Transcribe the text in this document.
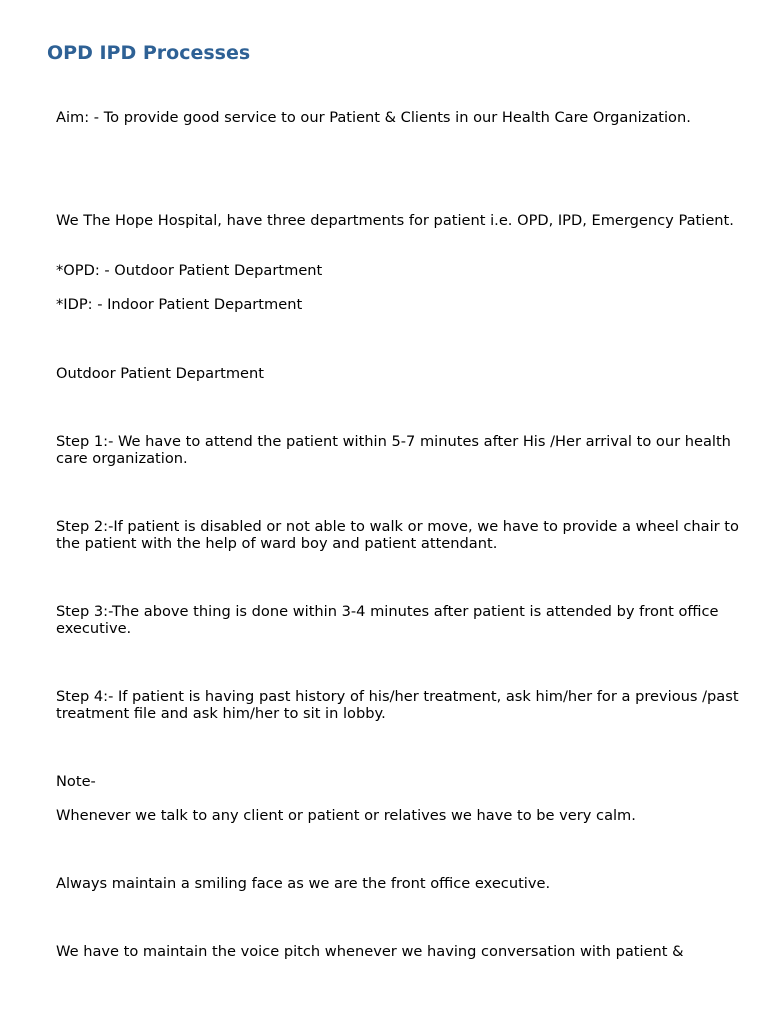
OPD IPD Processes

Aim: - To provide good service to our Patient & Clients in our Health Care Organization.

We The Hope Hospital, have three departments for patient i.e. OPD, IPD, Emergency Patient.

*OPD: - Outdoor Patient Department

*IDP: - Indoor Patient Department

Outdoor Patient Department

Step 1:- We have to attend the patient within 5-7 minutes after His /Her arrival to our health care organization.

Step 2:-If patient is disabled or not able to walk or move, we have to provide a wheel chair to the patient with the help of ward boy and patient attendant.

Step 3:-The above thing is done within 3-4 minutes after patient is attended by front office executive.

Step 4:- If patient is having past history of his/her treatment, ask him/her for a previous /past treatment file and ask him/her to sit in lobby.

Note-

Whenever we talk to any client or patient or relatives we have to be very calm.

Always maintain a smiling face as we are the front office executive.

We have to maintain the voice pitch whenever we having conversation with patient &
